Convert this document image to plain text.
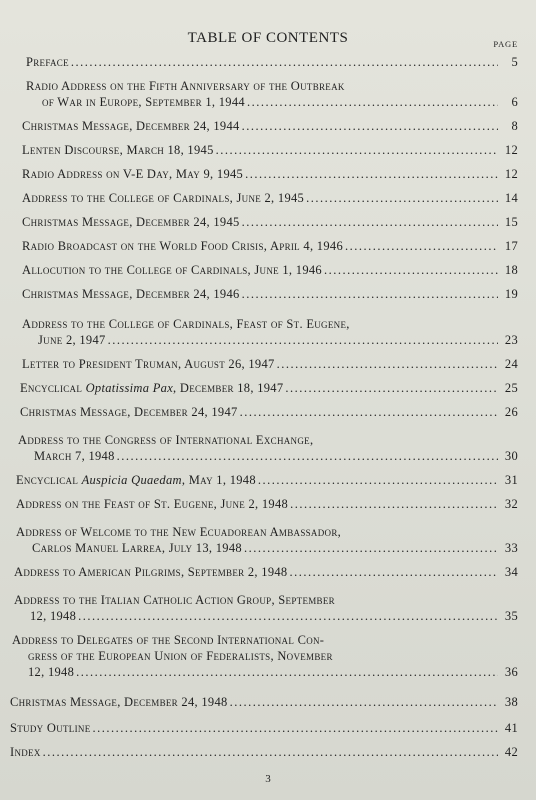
TABLE OF CONTENTS	PAGE
Preface .....	5
Radio Address on the Fifth Anniversary of the Outbreak
of War in Europe, September 1, 1944 .....	6
Christmas Message, December 24, 1944 .....	8
Lenten Discourse, March 18, 1945 .....	12
Radio Address on V-E Day, May 9, 1945 .....	12
Address to the College of Cardinals, June 2, 1945 .....	14
Christmas Message, December 24, 1945 .....	15
Radio Broadcast on the World Food Crisis, April 4, 1946 .....	17
Allocution to the College of Cardinals, June 1, 1946 .....	18
Christmas Message, December 24, 1946 .....	19
Address to the College of Cardinals, Feast of St. Eugene,
June 2, 1947 .....	23
Letter to President Truman, August 26, 1947 .....	24
Encyclical Optatissima Pax, December 18, 1947 .....	25
Christmas Message, December 24, 1947 .....	26
Address to the Congress of International Exchange,
March 7, 1948 .....	30
Encyclical Auspicia Quaedam, May 1, 1948 .....	31
Address on the Feast of St. Eugene, June 2, 1948 .....	32
Address of Welcome to the New Ecuadorean Ambassador,
Carlos Manuel Larrea, July 13, 1948 .....	33
Address to American Pilgrims, September 2, 1948 .....	34
Address to the Italian Catholic Action Group, September
12, 1948 .....	35
Address to Delegates of the Second International Con-
gress of the European Union of Federalists, November
12, 1948 .....	36
Christmas Message, December 24, 1948 .....	38
Study Outline .....	41
Index .....	42
3
